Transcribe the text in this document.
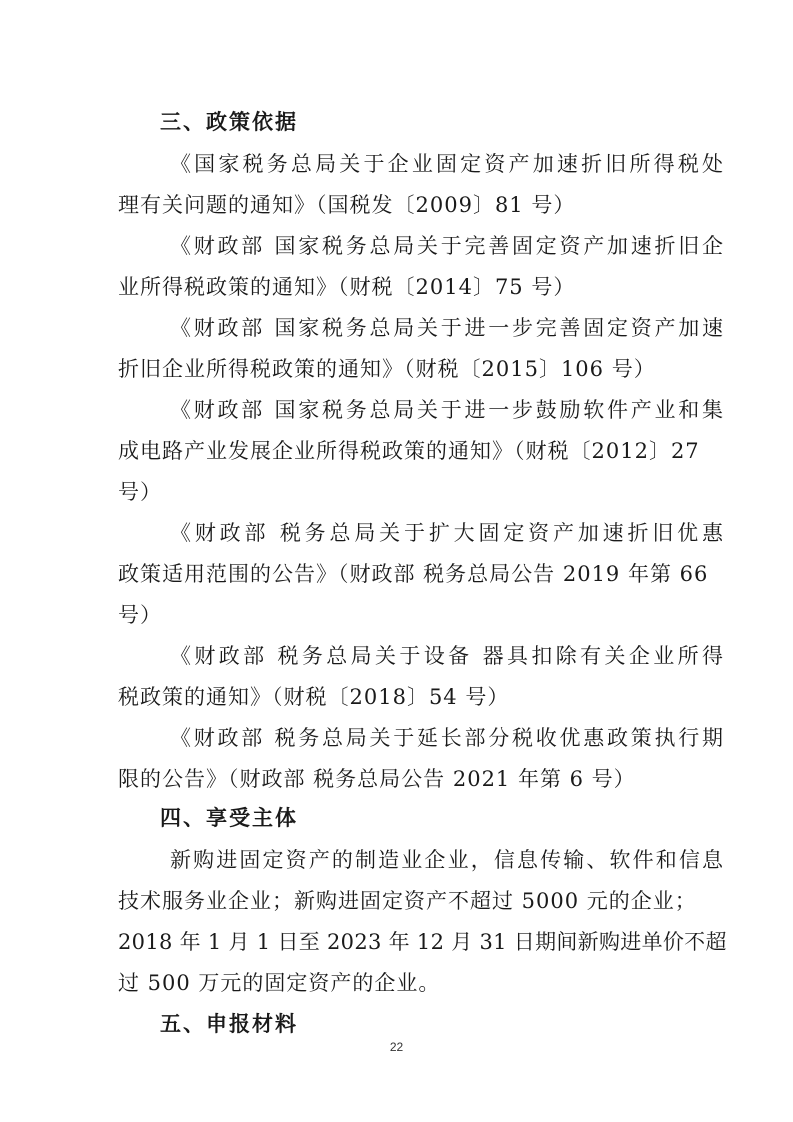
三、政策依据
《国家税务总局关于企业固定资产加速折旧所得税处
理有关问题的通知》（国税发〔2009〕81 号）
《财政部 国家税务总局关于完善固定资产加速折旧企
业所得税政策的通知》（财税〔2014〕75 号）
《财政部 国家税务总局关于进一步完善固定资产加速
折旧企业所得税政策的通知》（财税〔2015〕106 号）
《财政部 国家税务总局关于进一步鼓励软件产业和集
成电路产业发展企业所得税政策的通知》（财税〔2012〕27
号）
《财政部 税务总局关于扩大固定资产加速折旧优惠
政策适用范围的公告》（财政部 税务总局公告 2019 年第 66
号）
《财政部 税务总局关于设备 器具扣除有关企业所得
税政策的通知》（财税〔2018〕54 号）
《财政部 税务总局关于延长部分税收优惠政策执行期
限的公告》（财政部 税务总局公告 2021 年第 6 号）
四、享受主体
新购进固定资产的制造业企业，信息传输、软件和信息
技术服务业企业；新购进固定资产不超过 5000 元的企业；
2018 年 1 月 1 日至 2023 年 12 月 31 日期间新购进单价不超
过 500 万元的固定资产的企业。
五、申报材料
22
